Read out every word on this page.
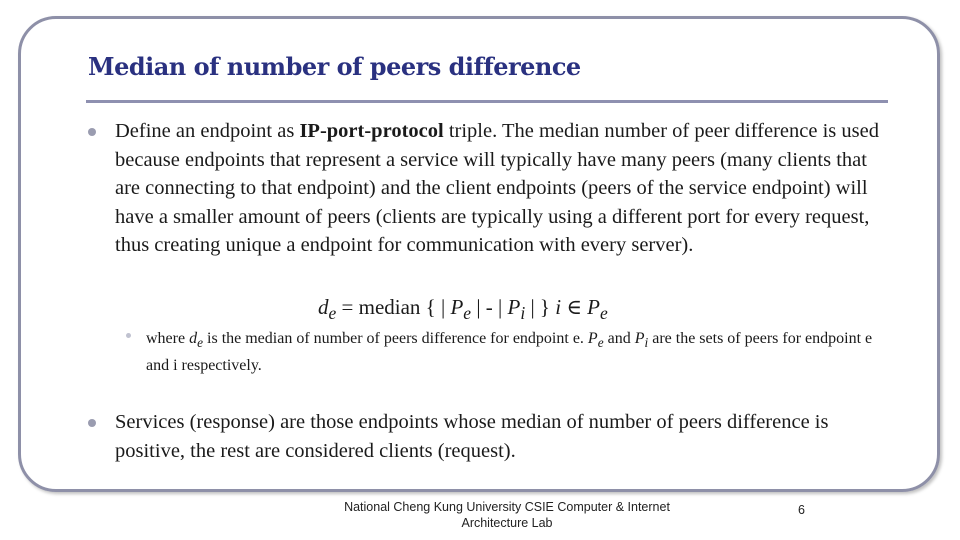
Median of number of peers difference
Define an endpoint as IP-port-protocol triple. The median number of peer difference is used because endpoints that represent a service will typically have many peers (many clients that are connecting to that endpoint) and the client endpoints (peers of the service endpoint) will have a smaller amount of peers (clients are typically using a different port for every request, thus creating unique a endpoint for communication with every server).
$d_e$ = median { | $P_e$ | - | $P_i$ | } i ∈ $P_e$
where $d_e$ is the median of number of peers difference for endpoint e. $P_e$ and $P_i$ are the sets of peers for endpoint e and i respectively.
Services (response) are those endpoints whose median of number of peers difference is positive, the rest are considered clients (request).
National Cheng Kung University CSIE Computer & Internet Architecture Lab
6
